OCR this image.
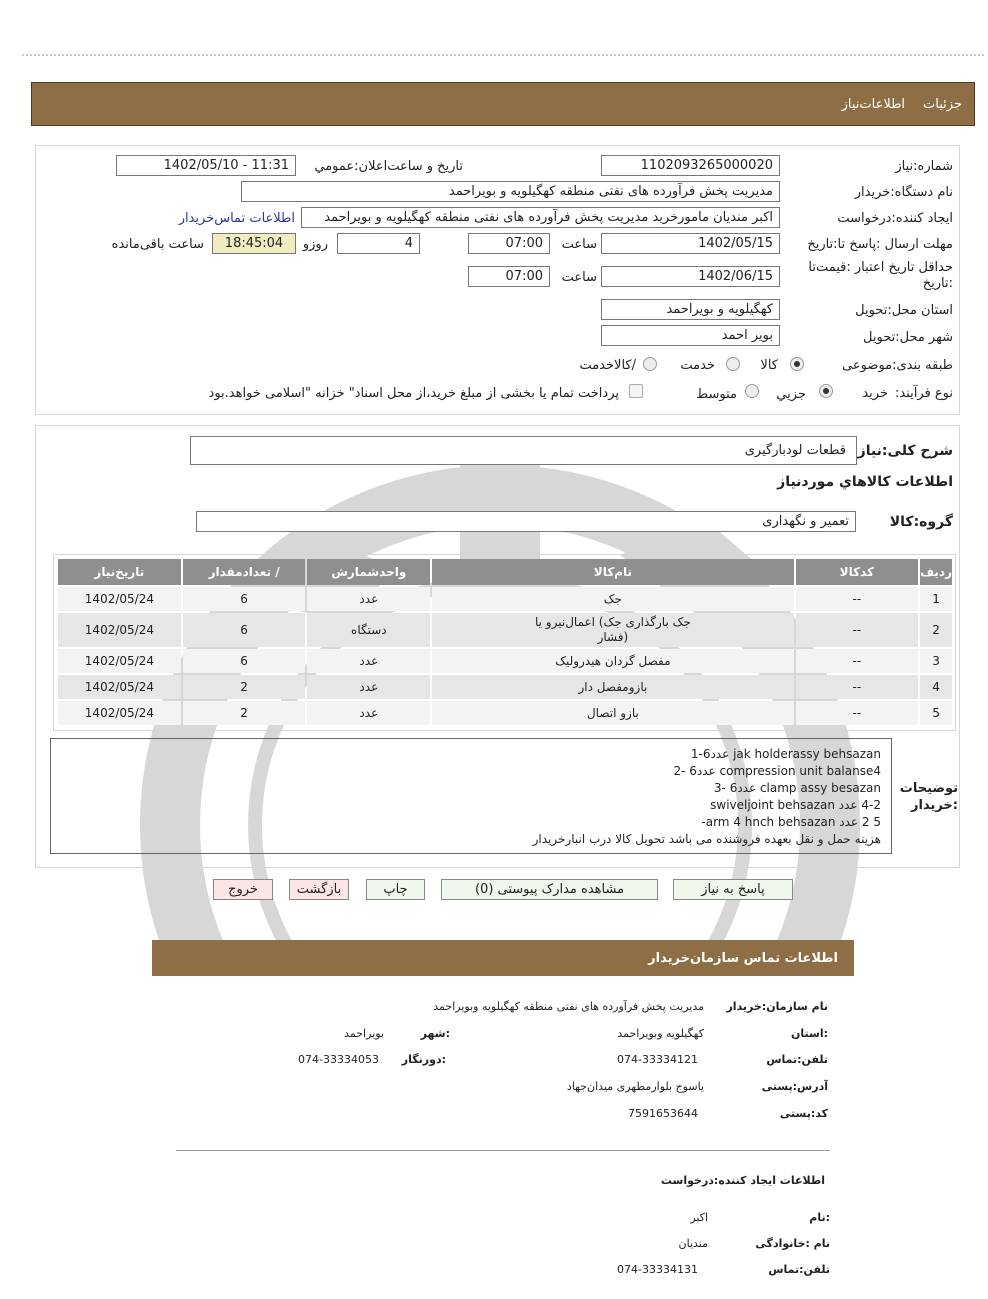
جزئیات
اطلاعات‌نیاز
شماره:نیاز
1102093265000020
تاریخ و ساعت‌اعلان:عمومي
1402/05/10 - 11:31
نام دستگاه:خریدار
مدیریت پخش فرآورده های نفتی منطقه کهگیلویه و بویراحمد
ایجاد کننده:درخواست
اکبر مندیان مامورخرید مدیریت پخش فرآورده های نفتی منطقه کهگیلویه و بویراحمد
اطلاعات تماس‌خریدار
مهلت ارسال :پاسخ تا:تاریخ
1402/05/15
ساعت
07:00
4
روزو
18:45:04
ساعت باقی‌مانده
حداقل تاریخ اعتبار :قیمت‌تا :تاریخ
1402/06/15
ساعت
07:00
استان محل:تحویل
کهگیلویه و بویراحمد
شهر محل:تحویل
بویر احمد
طبقه بندی:موضوعی
کالا
خدمت
/کالاخدمت
نوع فرآیند:
خرید
جزيي
متوسط
پرداخت تمام یا بخشی از مبلغ خرید،از محل اسناد" خزانه "اسلامی خواهد.بود
شرح کلی:نیاز
قطعات لودبارگیری
اطلاعات کالاهاي موردنیاز
گروه:کالا
تعمیر و نگهداری
ردیف	کدکالا	نام‌کالا	واحدشمارش	/ تعدادمقدار	تاریخ‌نیاز
1	--	جک	عدد	6	1402/05/24
2	--	جک بارگذاری جک) اعمال‌نیرو یا (فشار	دستگاه	6	1402/05/24
3	--	مفصل گردان هیدرولیک	عدد	6	1402/05/24
4	--	بازومفصل دار	عدد	2	1402/05/24
5	--	بازو اتصال	عدد	2	1402/05/24
توضیحات :خریدار
jak holderassy behsazan عدد6-1
compression unit balanse4 عدد6 -2
clamp assy besazan عدد6 -3
4-2 عدد swiveljoint behsazan
5 2 عدد arm 4 hnch behsazan-
هزینه حمل و نقل بعهده فروشنده می باشد تحویل کالا درب انبارخریدار
پاسخ به نیاز
مشاهده مدارک پیوستی (0)
چاپ
بازگشت
خروج
اطلاعات تماس سازمان‌خریدار
نام سازمان:خریدار
مدیریت پخش فرآورده های نفتی منطقه کهگیلویه وبویراحمد
:استان
کهگیلویه وبویراحمد
:شهر
بویراحمد
تلفن:تماس
074-33334121
:دورنگار
074-33334053
آدرس:پستی
یاسوج بلوارمطهری میدان‌جهاد
کد:پستی
7591653644
اطلاعات ایجاد کننده:درخواست
:نام
اکبر
نام :خانوادگی
مندیان
تلفن:تماس
074-33334131
